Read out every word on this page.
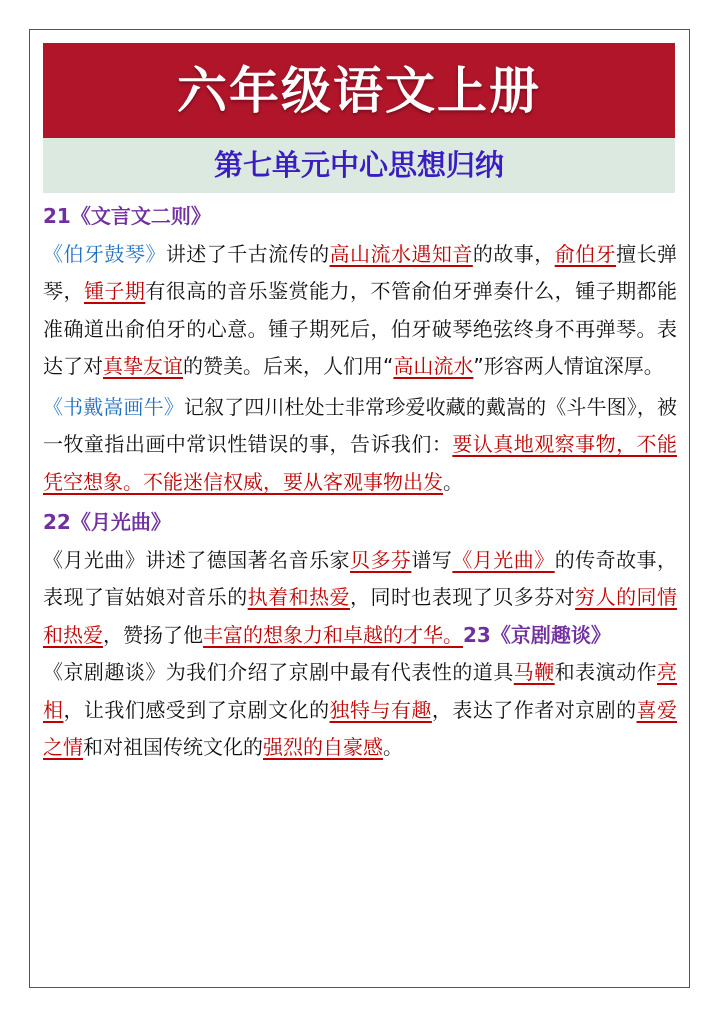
六年级语文上册
第七单元中心思想归纳
21《文言文二则》

《伯牙鼓琴》讲述了千古流传的高山流水遇知音的故事，俞伯牙擅长弹琴，锺子期有很高的音乐鉴赏能力，不管俞伯牙弹奏什么，锺子期都能准确道出俞伯牙的心意。锺子期死后，伯牙破琴绝弦终身不再弹琴。表达了对真挚友谊的赞美。后来，人们用“高山流水”形容两人情谊深厚。

《书戴嵩画牛》记叙了四川杜处士非常珍爱收藏的戴嵩的《斗牛图》，被一牧童指出画中常识性错误的事，告诉我们：要认真地观察事物，不能凭空想象。不能迷信权威，要从客观事物出发。

22《月光曲》

《月光曲》讲述了德国著名音乐家贝多芬谱写《月光曲》的传奇故事，表现了盲姑娘对音乐的执着和热爱，同时也表现了贝多芬对穷人的同情和热爱，赞扬了他丰富的想象力和卓越的才华。23《京剧趣谈》

《京剧趣谈》为我们介绍了京剧中最有代表性的道具马鞭和表演动作亮相，让我们感受到了京剧文化的独特与有趣，表达了作者对京剧的喜爱之情和对祖国传统文化的强烈的自豪感。
